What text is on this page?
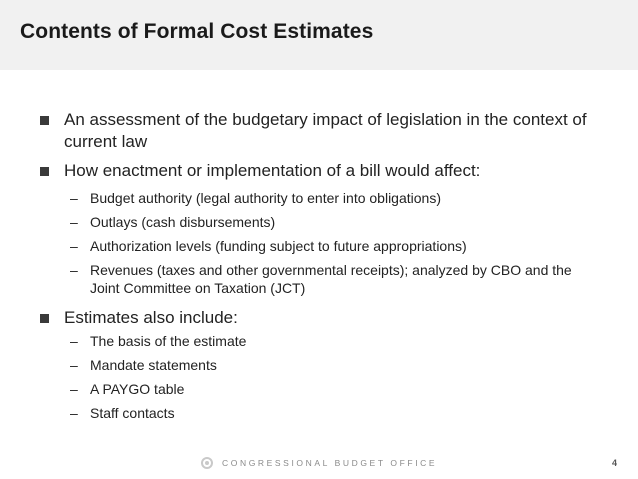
Contents of Formal Cost Estimates
An assessment of the budgetary impact of legislation in the context of current law
How enactment or implementation of a bill would affect:
– Budget authority (legal authority to enter into obligations)
– Outlays (cash disbursements)
– Authorization levels (funding subject to future appropriations)
– Revenues (taxes and other governmental receipts); analyzed by CBO and the Joint Committee on Taxation (JCT)
Estimates also include:
– The basis of the estimate
– Mandate statements
– A PAYGO table
– Staff contacts
CONGRESSIONAL BUDGET OFFICE	4
